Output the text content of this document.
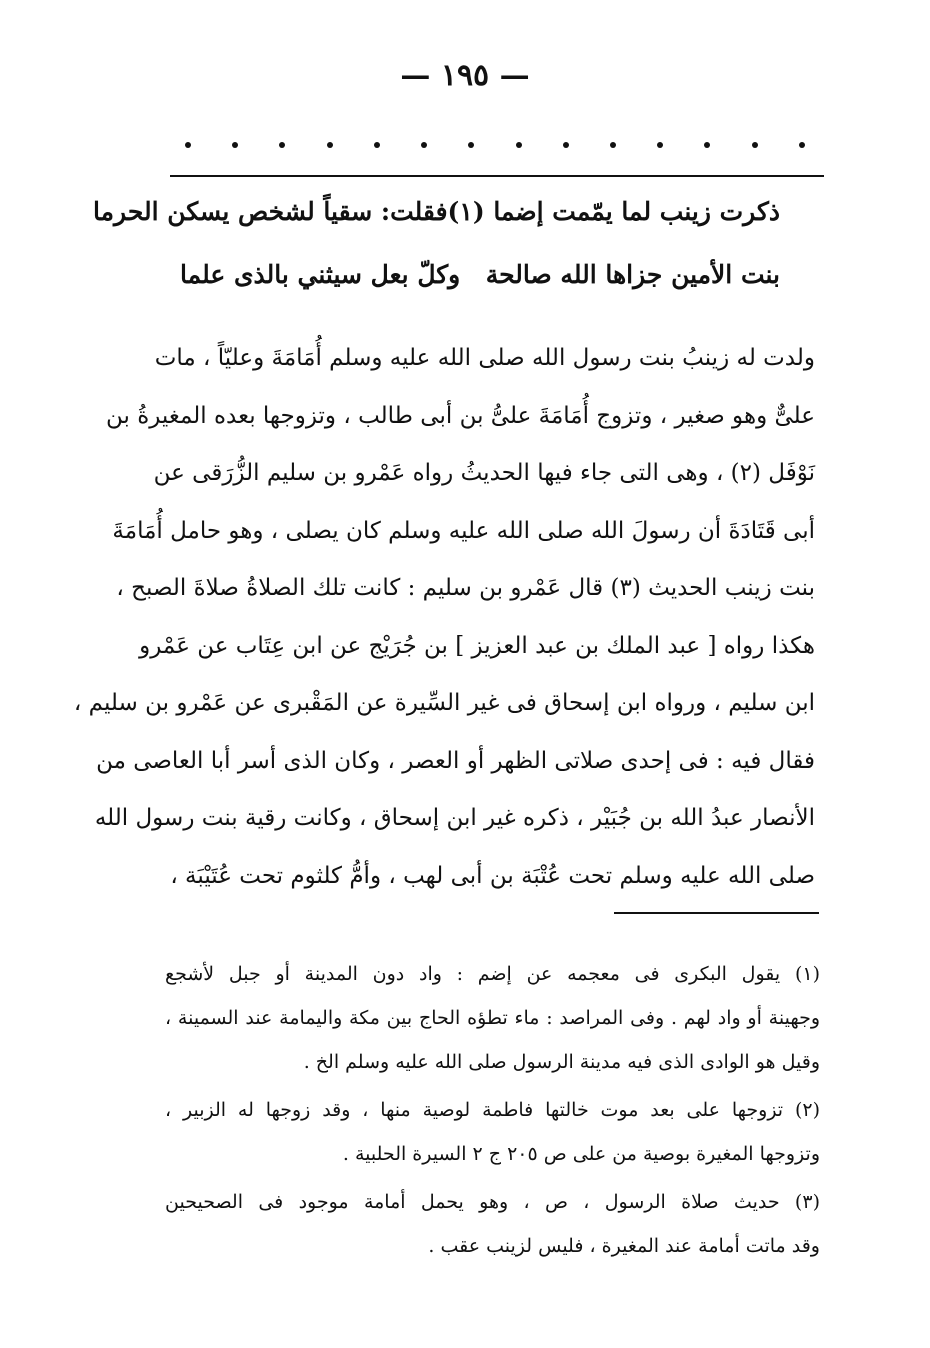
— ١٩٥ —
ذكرت زينب لما يمّمت إضما (١)
فقلت: سقياً لشخص يسكن الحرما
بنت الأمين جزاها الله صالحة
وكلّ بعل سيثني بالذى علما
ولدت له زينبُ بنت رسول الله صلى الله عليه وسلم أُمَامَةَ وعليّاً ، مات
علىٌّ وهو صغير ، وتزوج أُمَامَةَ علىُّ بن أبى طالب ، وتزوجها بعده المغيرةُ بن
نَوْفَل (٢) ، وهى التى جاء فيها الحديثُ رواه عَمْرو بن سليم الزُّرَقى عن
أبى قَتَادَةَ أن رسولَ الله صلى الله عليه وسلم كان يصلى ، وهو حامل أُمَامَةَ
بنت زينب الحديث (٣) قال عَمْرو بن سليم : كانت تلك الصلاةُ صلاةَ الصبح ،
هكذا رواه [ عبد الملك بن عبد العزيز ] بن جُرَيْج عن ابن عِتَاب عن عَمْرو
ابن سليم ، ورواه ابن إسحاق فى غير السِّيرة عن المَقْبرى عن عَمْرو بن سليم ،
فقال فيه : فى إحدى صلاتى الظهر أو العصر ، وكان الذى أسر أبا العاصى من
الأنصار عبدُ الله بن جُبَيْر ، ذكره غير ابن إسحاق ، وكانت رقية بنت رسول الله
صلى الله عليه وسلم تحت عُتْبَة بن أبى لهب ، وأمُّ كلثوم تحت عُتَيْبَة ،
(١) يقول البكرى فى معجمه عن إضم : واد دون المدينة أو جبل لأشجع
وجهينة أو واد لهم . وفى المراصد : ماء تطؤه الحاج بين مكة واليمامة عند السمينة ،
وقيل هو الوادى الذى فيه مدينة الرسول صلى الله عليه وسلم الخ .
(٢) تزوجها على بعد موت خالتها فاطمة لوصية منها ، وقد زوجها له الزبير ،
وتزوجها المغيرة بوصية من على ص ٢٠٥ ج ٢ السيرة الحلبية .
(٣) حديث صلاة الرسول ، ص ، وهو يحمل أمامة موجود فى الصحيحين
وقد ماتت أمامة عند المغيرة ، فليس لزينب عقب .
